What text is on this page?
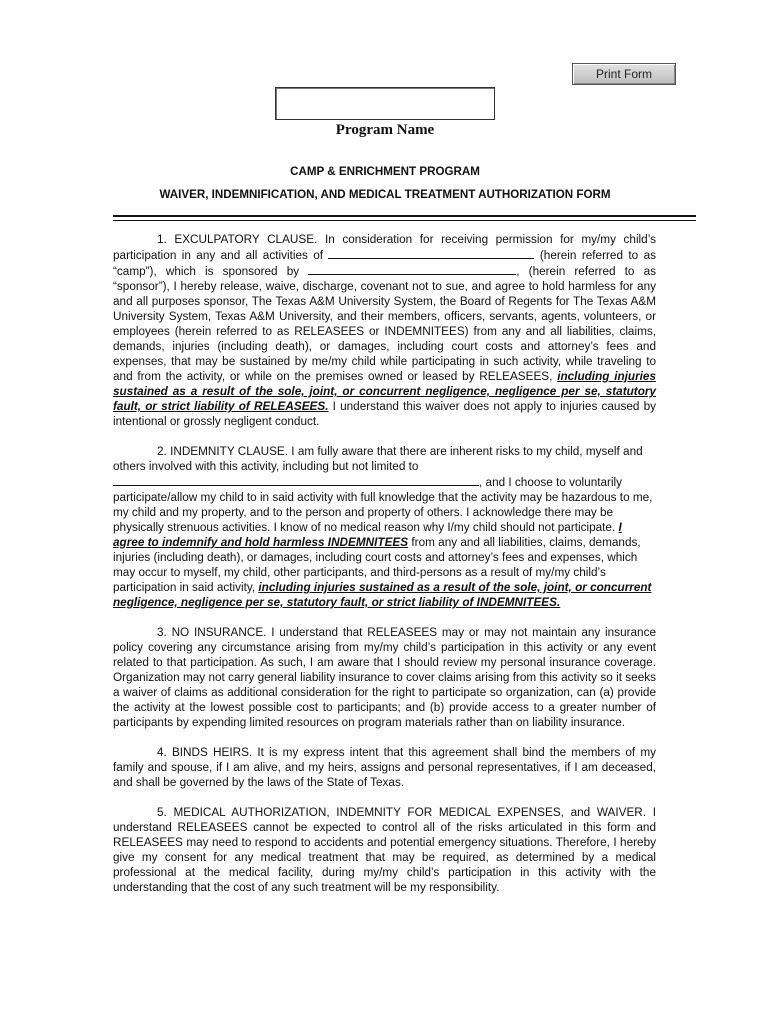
Print Form
Program Name
CAMP & ENRICHMENT PROGRAM
WAIVER, INDEMNIFICATION, AND MEDICAL TREATMENT AUTHORIZATION FORM

1. EXCULPATORY CLAUSE. In consideration for receiving permission for my/my child’s participation in any and all activities of	(herein referred to as “camp”), which is sponsored by	, (herein referred to as “sponsor”), I hereby release, waive, discharge, covenant not to sue, and agree to hold harmless for any and all purposes sponsor, The Texas A&M University System, the Board of Regents for The Texas A&M University System, Texas A&M University, and their members, officers, servants, agents, volunteers, or employees (herein referred to as RELEASEES or INDEMNITEES) from any and all liabilities, claims, demands, injuries (including death), or damages, including court costs and attorney’s fees and expenses, that may be sustained by me/my child while participating in such activity, while traveling to and from the activity, or while on the premises owned or leased by RELEASEES, including injuries sustained as a result of the sole, joint, or concurrent negligence, negligence per se, statutory fault, or strict liability of RELEASEES. I understand this waiver does not apply to injuries caused by intentional or grossly negligent conduct.

2. INDEMNITY CLAUSE. I am fully aware that there are inherent risks to my child, myself and others involved with this activity, including but not limited to , and I choose to voluntarily participate/allow my child to in said activity with full knowledge that the activity may be hazardous to me, my child and my property, and to the person and property of others. I acknowledge there may be physically strenuous activities. I know of no medical reason why I/my child should not participate. I agree to indemnify and hold harmless INDEMNITEES from any and all liabilities, claims, demands, injuries (including death), or damages, including court costs and attorney’s fees and expenses, which may occur to myself, my child, other participants, and third-persons as a result of my/my child’s participation in said activity, including injuries sustained as a result of the sole, joint, or concurrent negligence, negligence per se, statutory fault, or strict liability of INDEMNITEES.

3. NO INSURANCE. I understand that RELEASEES may or may not maintain any insurance policy covering any circumstance arising from my/my child’s participation in this activity or any event related to that participation. As such, I am aware that I should review my personal insurance coverage. Organization may not carry general liability insurance to cover claims arising from this activity so it seeks a waiver of claims as additional consideration for the right to participate so organization, can (a) provide the activity at the lowest possible cost to participants; and (b) provide access to a greater number of participants by expending limited resources on program materials rather than on liability insurance.

4. BINDS HEIRS. It is my express intent that this agreement shall bind the members of my family and spouse, if I am alive, and my heirs, assigns and personal representatives, if I am deceased, and shall be governed by the laws of the State of Texas.

5. MEDICAL AUTHORIZATION, INDEMNITY FOR MEDICAL EXPENSES, and WAIVER. I understand RELEASEES cannot be expected to control all of the risks articulated in this form and RELEASEES may need to respond to accidents and potential emergency situations. Therefore, I hereby give my consent for any medical treatment that may be required, as determined by a medical professional at the medical facility, during my/my child’s participation in this activity with the understanding that the cost of any such treatment will be my responsibility.
